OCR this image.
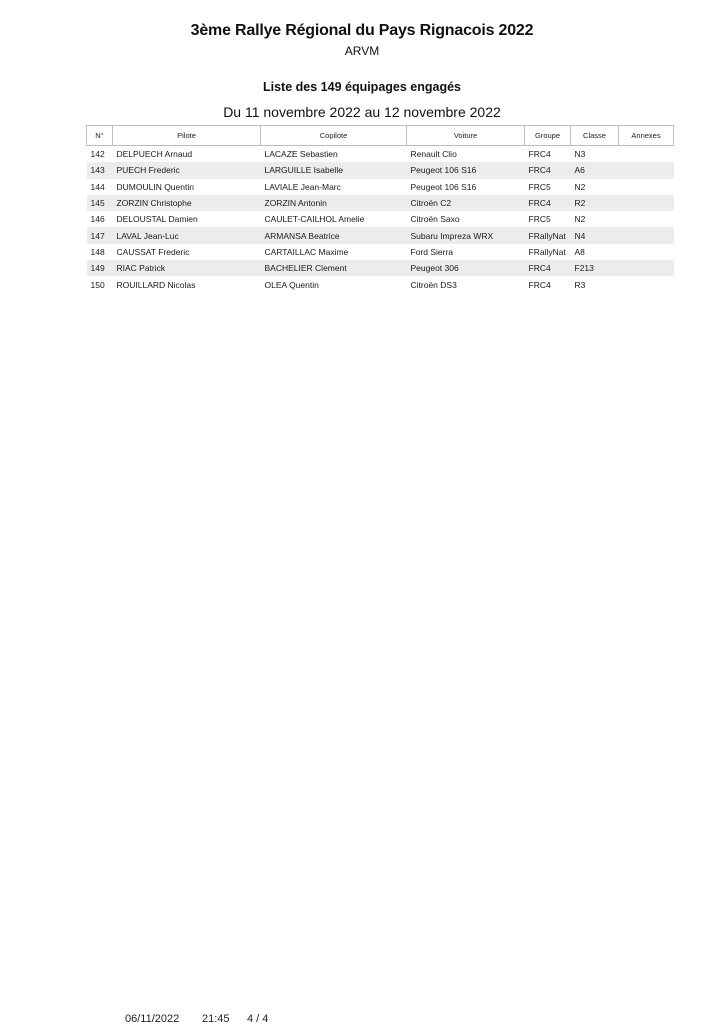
3ème Rallye Régional du Pays Rignacois 2022
ARVM
Liste des 149 équipages engagés
Du 11 novembre 2022 au 12 novembre 2022
N°	Pilote	Copilote	Voiture	Groupe	Classe	Annexes
142	DELPUECH Arnaud	LACAZE Sebastien	Renault Clio	FRC4	N3	
143	PUECH Frederic	LARGUILLE Isabelle	Peugeot 106 S16	FRC4	A6	
144	DUMOULIN Quentin	LAVIALE Jean-Marc	Peugeot 106 S16	FRC5	N2	
145	ZORZIN Christophe	ZORZIN Antonin	Citroën C2	FRC4	R2	
146	DELOUSTAL Damien	CAULET-CAILHOL Amelie	Citroën Saxo	FRC5	N2	
147	LAVAL Jean-Luc	ARMANSA Beatrice	Subaru Impreza WRX	FRallyNat	N4	
148	CAUSSAT Frederic	CARTAILLAC Maxime	Ford Sierra	FRallyNat	A8	
149	RIAC Patrick	BACHELIER Clement	Peugeot 306	FRC4	F213	
150	ROUILLARD Nicolas	OLEA Quentin	Citroën DS3	FRC4	R3	
06/11/2022 21:45 4 / 4
